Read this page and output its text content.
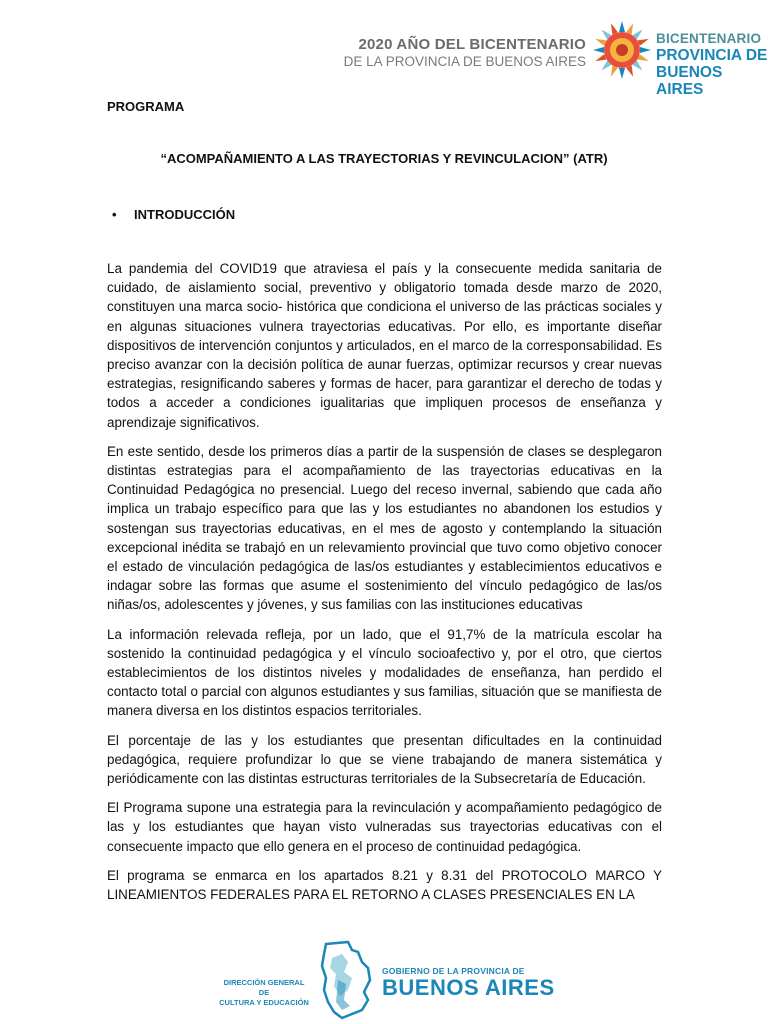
2020 AÑO DEL BICENTENARIO
DE LA PROVINCIA DE BUENOS AIRES
BICENTENARIO
PROVINCIA DE
BUENOS AIRES
PROGRAMA
“ACOMPAÑAMIENTO A LAS TRAYECTORIAS Y REVINCULACION” (ATR)
• INTRODUCCIÓN

La pandemia del COVID19 que atraviesa el país y la consecuente medida sanitaria de cuidado, de aislamiento social, preventivo y obligatorio tomada desde marzo de 2020, constituyen una marca socio- histórica que condiciona el universo de las prácticas sociales y en algunas situaciones vulnera trayectorias educativas. Por ello, es importante diseñar dispositivos de intervención conjuntos y articulados, en el marco de la corresponsabilidad. Es preciso avanzar con la decisión política de aunar fuerzas, optimizar recursos y crear nuevas estrategias, resignificando saberes y formas de hacer, para garantizar el derecho de todas y todos a acceder a condiciones igualitarias que impliquen procesos de enseñanza y aprendizaje significativos.

En este sentido, desde los primeros días a partir de la suspensión de clases se desplegaron distintas estrategias para el acompañamiento de las trayectorias educativas en la Continuidad Pedagógica no presencial. Luego del receso invernal, sabiendo que cada año implica un trabajo específico para que las y los estudiantes no abandonen los estudios y sostengan sus trayectorias educativas, en el mes de agosto y contemplando la situación excepcional inédita se trabajó en un relevamiento provincial que tuvo como objetivo conocer el estado de vinculación pedagógica de las/os estudiantes y establecimientos educativos e indagar sobre las formas que asume el sostenimiento del vínculo pedagógico de las/os niñas/os, adolescentes y jóvenes, y sus familias con las instituciones educativas

La información relevada refleja, por un lado, que el 91,7% de la matrícula escolar ha sostenido la continuidad pedagógica y el vínculo socioafectivo y, por el otro, que ciertos establecimientos de los distintos niveles y modalidades de enseñanza, han perdido el contacto total o parcial con algunos estudiantes y sus familias, situación que se manifiesta de manera diversa en los distintos espacios territoriales.

El porcentaje de las y los estudiantes que presentan dificultades en la continuidad pedagógica, requiere profundizar lo que se viene trabajando de manera sistemática y periódicamente con las distintas estructuras territoriales de la Subsecretaría de Educación.

El Programa supone una estrategia para la revinculación y acompañamiento pedagógico de las y los estudiantes que hayan visto vulneradas sus trayectorias educativas con el consecuente impacto que ello genera en el proceso de continuidad pedagógica.

El programa se enmarca en los apartados 8.21 y 8.31 del PROTOCOLO MARCO Y LINEAMIENTOS FEDERALES PARA EL RETORNO A CLASES PRESENCIALES EN LA

DIRECCIÓN GENERAL DE
CULTURA Y EDUCACIÓN
GOBIERNO DE LA PROVINCIA DE
BUENOS AIRES
